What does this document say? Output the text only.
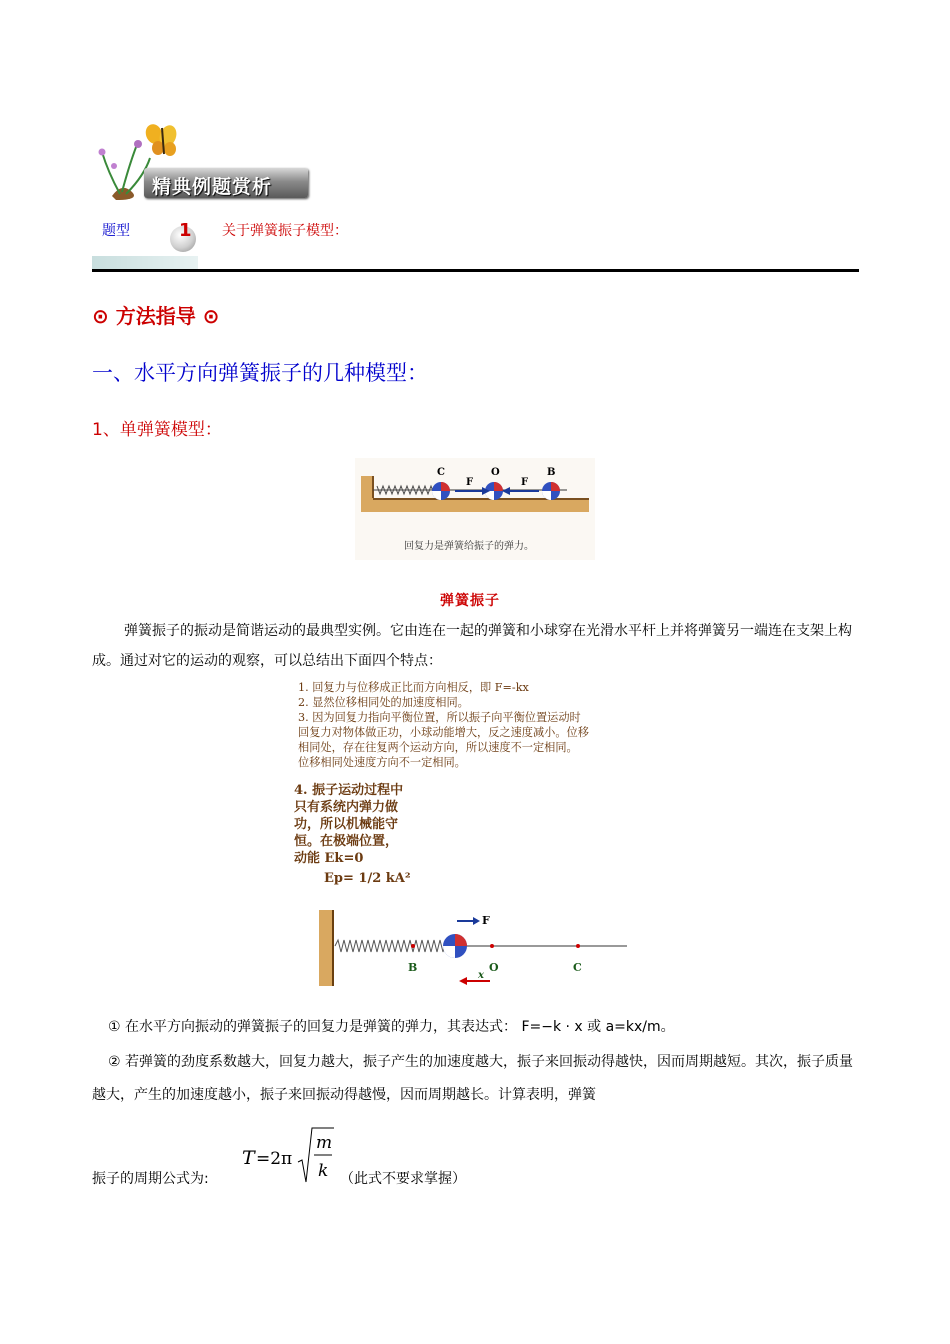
精典例题赏析
题型	1 关于弹簧振子模型：
⊙ 方法指导 ⊙
一、水平方向弹簧振子的几种模型：
1、单弹簧模型：
C	O	B
F	F
回复力是弹簧给振子的弹力。
弹簧振子
弹簧振子的振动是简谐运动的最典型实例。它由连在一起的弹簧和小球穿在光滑水平杆上并将弹簧另一端连在支架上构成。通过对它的运动的观察，可以总结出下面四个特点：
1. 回复力与位移成正比而方向相反，即 F=-kx
2. 显然位移相同处的加速度相同。
3. 因为回复力指向平衡位置，所以振子向平衡位置运动时
回复力对物体做正功，小球动能增大，反之速度减小。位移
相同处，存在往复两个运动方向，所以速度不一定相同。
位移相同处速度方向不一定相同。
4. 振子运动过程中
只有系统内弹力做
功，所以机械能守
恒。在极端位置，
动能 Ek=0
Ep= 1/2 kA²
F
B
x
O	C
① 在水平方向振动的弹簧振子的回复力是弹簧的弹力，其表达式： F=−k · x 或 a=kx/m。
② 若弹簧的劲度系数越大，回复力越大，振子产生的加速度越大，振子来回振动得越快，因而周期越短。其次，振子质量越大，产生的加速度越小，振子来回振动得越慢，因而周期越长。计算表明，弹簧
振子的周期公式为:
T =2π
m
k （此式不要求掌握）
